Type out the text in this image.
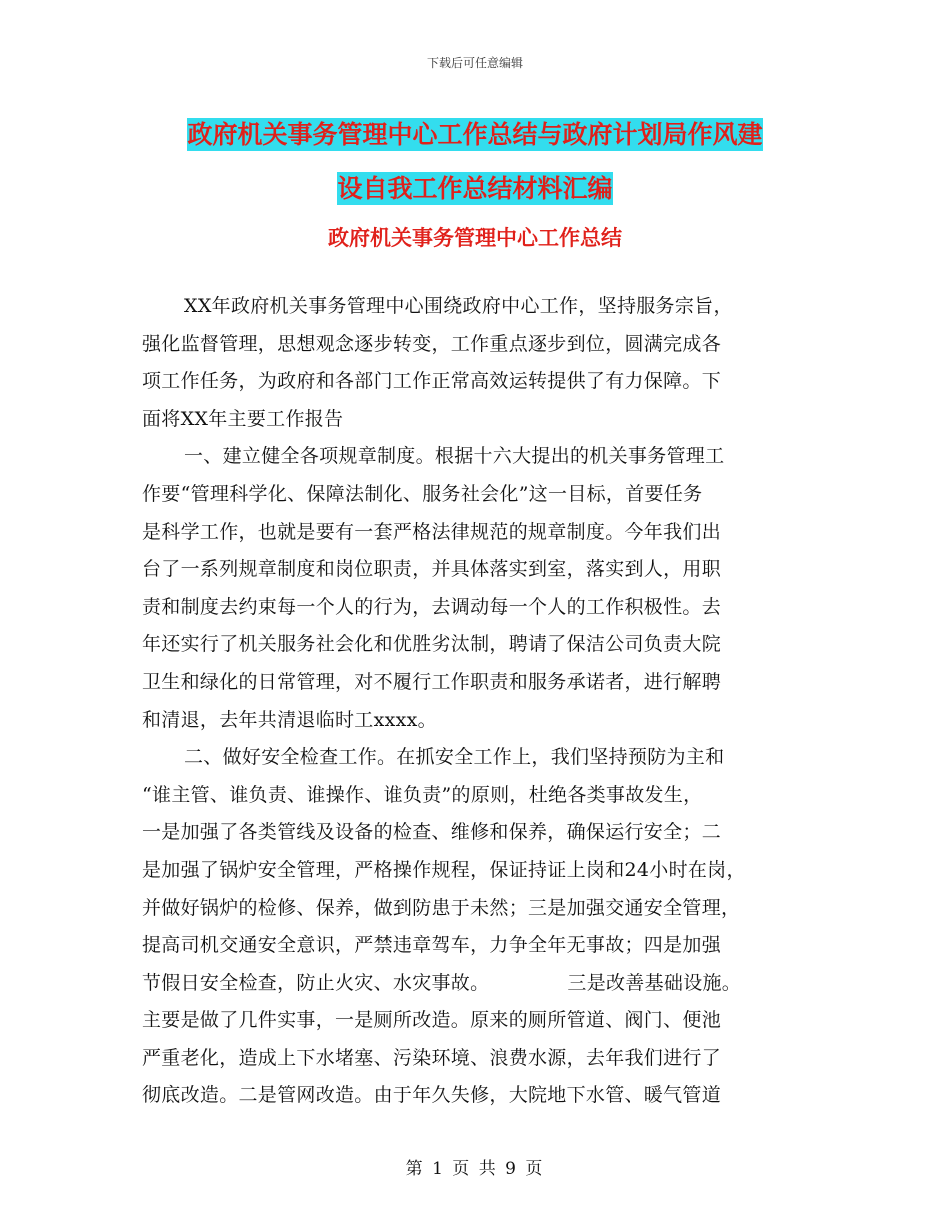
下载后可任意编辑
政府机关事务管理中心工作总结与政府计划局作风建
设自我工作总结材料汇编
政府机关事务管理中心工作总结
XX年政府机关事务管理中心围绕政府中心工作，坚持服务宗旨，
强化监督管理，思想观念逐步转变，工作重点逐步到位，圆满完成各
项工作任务，为政府和各部门工作正常高效运转提供了有力保障。下
面将XX年主要工作报告
一、建立健全各项规章制度。根据十六大提出的机关事务管理工
作要“管理科学化、保障法制化、服务社会化”这一目标，首要任务
是科学工作，也就是要有一套严格法律规范的规章制度。今年我们出
台了一系列规章制度和岗位职责，并具体落实到室，落实到人，用职
责和制度去约束每一个人的行为，去调动每一个人的工作积极性。去
年还实行了机关服务社会化和优胜劣汰制，聘请了保洁公司负责大院
卫生和绿化的日常管理，对不履行工作职责和服务承诺者，进行解聘
和清退，去年共清退临时工xxxx。
二、做好安全检查工作。在抓安全工作上，我们坚持预防为主和
“谁主管、谁负责、谁操作、谁负责”的原则，杜绝各类事故发生，
一是加强了各类管线及设备的检查、维修和保养，确保运行安全；二
是加强了锅炉安全管理，严格操作规程，保证持证上岗和24小时在岗，
并做好锅炉的检修、保养，做到防患于未然；三是加强交通安全管理，
提高司机交通安全意识，严禁违章驾车，力争全年无事故；四是加强
节假日安全检查，防止火灾、水灾事故。	三是改善基础设施。
主要是做了几件实事，一是厕所改造。原来的厕所管道、阀门、便池
严重老化，造成上下水堵塞、污染环境、浪费水源，去年我们进行了
彻底改造。二是管网改造。由于年久失修，大院地下水管、暖气管道
第 1 页 共 9 页
